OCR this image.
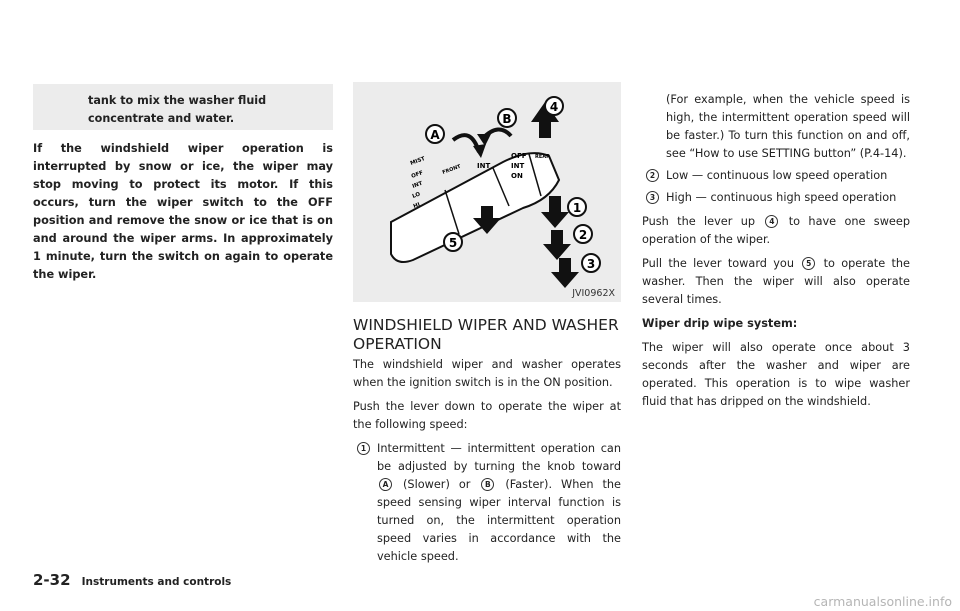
tank to mix the washer fluid concentrate and water.

If the windshield wiper operation is interrupted by snow or ice, the wiper may stop moving to protect its motor. If this occurs, turn the wiper switch to the OFF position and remove the snow or ice that is on and around the wiper arms. In approximately 1 minute, turn the switch on again to operate the wiper.

MIST
OFF
INT
LO
HI
FRONT INT
OFF
INT
ON
REAR
A
B
4
1
2
3
5
JVI0962X
WINDSHIELD WIPER AND WASHER OPERATION

The windshield wiper and washer operates when the ignition switch is in the ON position.

Push the lever down to operate the wiper at the following speed:

1 Intermittent — intermittent operation can be adjusted by turning the knob toward A (Slower) or B (Faster). When the speed sensing wiper interval function is turned on, the intermittent operation speed varies in accordance with the vehicle speed.
(For example, when the vehicle speed is high, the intermittent operation speed will be faster.) To turn this function on and off, see “How to use SETTING button” (P.4-14).
2 Low — continuous low speed operation
3 High — continuous high speed operation

Push the lever up 4 to have one sweep operation of the wiper.

Pull the lever toward you 5 to operate the washer. Then the wiper will also operate several times.

Wiper drip wipe system:

The wiper will also operate once about 3 seconds after the washer and wiper are operated. This operation is to wipe washer fluid that has dripped on the windshield.

2-32 Instruments and controls
carmanualsonline.info
